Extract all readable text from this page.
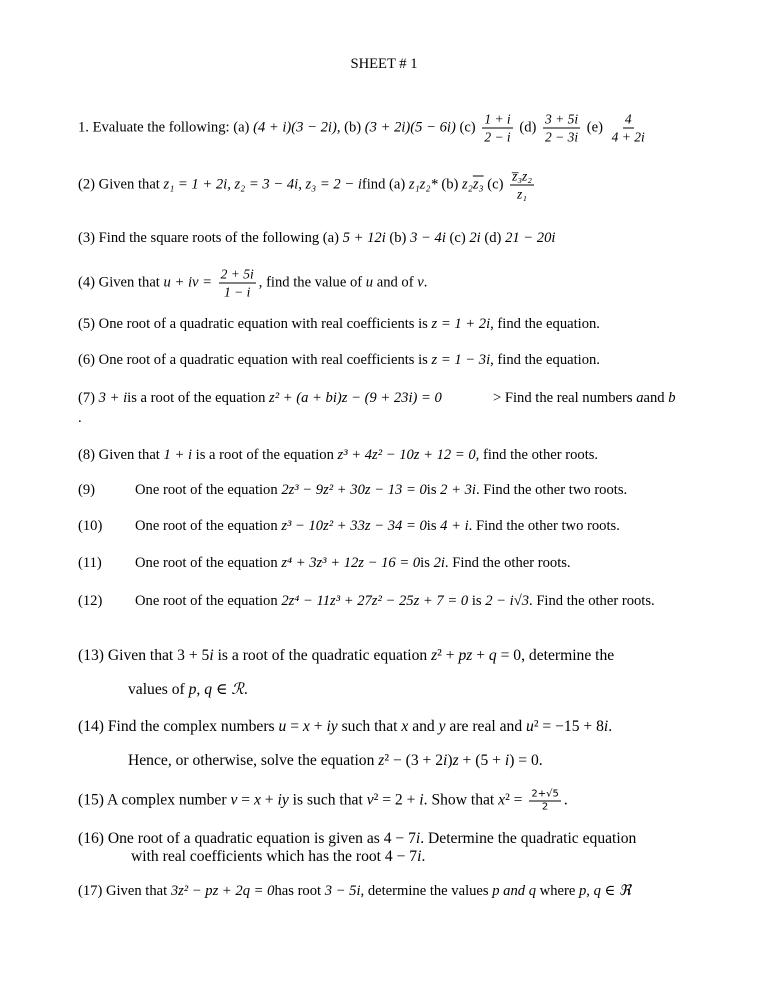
SHEET # 1
1. Evaluate the following: (a) (4 + i)(3 − 2i), (b) (3 + 2i)(5 − 6i) $(c) \frac{1 + i}{2 - i} (d) \frac{3 + 5i}{2 - 3i} (e) \frac{4}{4 + 2i}$
(2) Given that z₁ = 1 + 2i, z₂ = 3 − 4i, z₃ = 2 − ifind (a) z₁z₂* (b) z₂z₃ $(c) \frac{\text{z̅₃z₂}}{\text{z₁}}$
(3) Find the square roots of the following (a) 5 + 12i (b) 3 − 4i (c) 2i (d) 21 − 20i
(4) Given that u + iv = $\frac{2 + 5i}{1 - i}$ , find the value of u and of v.
(5) One root of a quadratic equation with real coefficients is z = 1 + 2i, find the equation.
(6) One root of a quadratic equation with real coefficients is z = 1 − 3i, find the equation.
(7) 3 + iis a root of the equation z² + (a + bi)z − (9 + 23i) = 0	> Find the real numbers aand b
.
(8) Given that 1 + i is a root of the equation z³ + 4z² − 10z + 12 = 0, find the other roots.
(9)	One root of the equation 2z³ − 9z² + 30z − 13 = 0is 2 + 3i. Find the other two roots.
(10) One root of the equation z³ − 10z² + 33z − 34 = 0is 4 + i. Find the other two roots.
(11) One root of the equation z⁴ + 3z³ + 12z − 16 = 0is 2i. Find the other roots.
(12) One root of the equation 2z⁴ − 11z³ + 27z² − 25z + 7 = 0 is 2 − i√3. Find the other roots.
(13) Given that 3 + 5i is a root of the quadratic equation z² + pz + q = 0, determine the
values of p, q ∈ ℛ.
(14) Find the complex numbers u = x + iy such that x and y are real and u² = −15 + 8i.
Hence, or otherwise, solve the equation z² − (3 + 2i)z + (5 + i) = 0.
(15) A complex number v = x + iy is such that v² = 2 + i. Show that $x^2 = \frac{2+√5}{2}$ .
(16) One root of a quadratic equation is given as 4 − 7i. Determine the quadratic equation
with real coefficients which has the root 4 − 7i.
(17) Given that 3z² − pz + 2q = 0has root 3 − 5i, determine the values p and q where p, q ∈ ℜ
